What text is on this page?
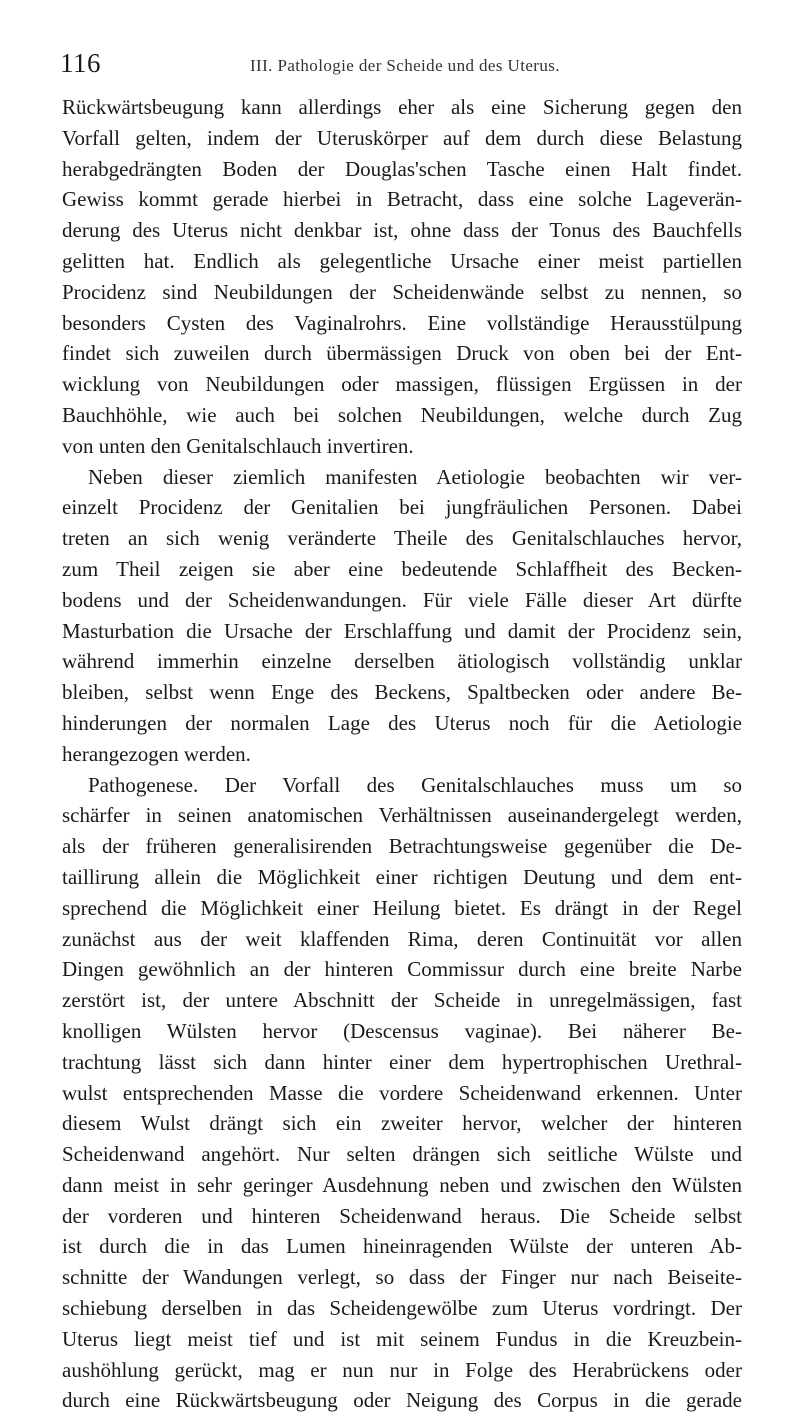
116	III. Pathologie der Scheide und des Uterus.
Rückwärtsbeugung kann allerdings eher als eine Sicherung gegen den
Vorfall gelten, indem der Uteruskörper auf dem durch diese Belastung
herabgedrängten Boden der Douglas'schen Tasche einen Halt findet.
Gewiss kommt gerade hierbei in Betracht, dass eine solche Lageverän-
derung des Uterus nicht denkbar ist, ohne dass der Tonus des Bauchfells
gelitten hat. Endlich als gelegentliche Ursache einer meist partiellen
Procidenz sind Neubildungen der Scheidenwände selbst zu nennen, so
besonders Cysten des Vaginalrohrs. Eine vollständige Herausstülpung
findet sich zuweilen durch übermässigen Druck von oben bei der Ent-
wicklung von Neubildungen oder massigen, flüssigen Ergüssen in der
Bauchhöhle, wie auch bei solchen Neubildungen, welche durch Zug
von unten den Genitalschlauch invertiren.
Neben dieser ziemlich manifesten Aetiologie beobachten wir ver-
einzelt Procidenz der Genitalien bei jungfräulichen Personen. Dabei
treten an sich wenig veränderte Theile des Genitalschlauches hervor,
zum Theil zeigen sie aber eine bedeutende Schlaffheit des Becken-
bodens und der Scheidenwandungen. Für viele Fälle dieser Art dürfte
Masturbation die Ursache der Erschlaffung und damit der Procidenz sein,
während immerhin einzelne derselben ätiologisch vollständig unklar
bleiben, selbst wenn Enge des Beckens, Spaltbecken oder andere Be-
hinderungen der normalen Lage des Uterus noch für die Aetiologie
herangezogen werden.
Pathogenese. Der Vorfall des Genitalschlauches muss um so
schärfer in seinen anatomischen Verhältnissen auseinandergelegt werden,
als der früheren generalisirenden Betrachtungsweise gegenüber die De-
taillirung allein die Möglichkeit einer richtigen Deutung und dem ent-
sprechend die Möglichkeit einer Heilung bietet. Es drängt in der Regel
zunächst aus der weit klaffenden Rima, deren Continuität vor allen
Dingen gewöhnlich an der hinteren Commissur durch eine breite Narbe
zerstört ist, der untere Abschnitt der Scheide in unregelmässigen, fast
knolligen Wülsten hervor (Descensus vaginae). Bei näherer Be-
trachtung lässt sich dann hinter einer dem hypertrophischen Urethral-
wulst entsprechenden Masse die vordere Scheidenwand erkennen. Unter
diesem Wulst drängt sich ein zweiter hervor, welcher der hinteren
Scheidenwand angehört. Nur selten drängen sich seitliche Wülste und
dann meist in sehr geringer Ausdehnung neben und zwischen den Wülsten
der vorderen und hinteren Scheidenwand heraus. Die Scheide selbst
ist durch die in das Lumen hineinragenden Wülste der unteren Ab-
schnitte der Wandungen verlegt, so dass der Finger nur nach Beiseite-
schiebung derselben in das Scheidengewölbe zum Uterus vordringt. Der
Uterus liegt meist tief und ist mit seinem Fundus in die Kreuzbein-
aushöhlung gerückt, mag er nun nur in Folge des Herabrückens oder
durch eine Rückwärtsbeugung oder Neigung des Corpus in die gerade
